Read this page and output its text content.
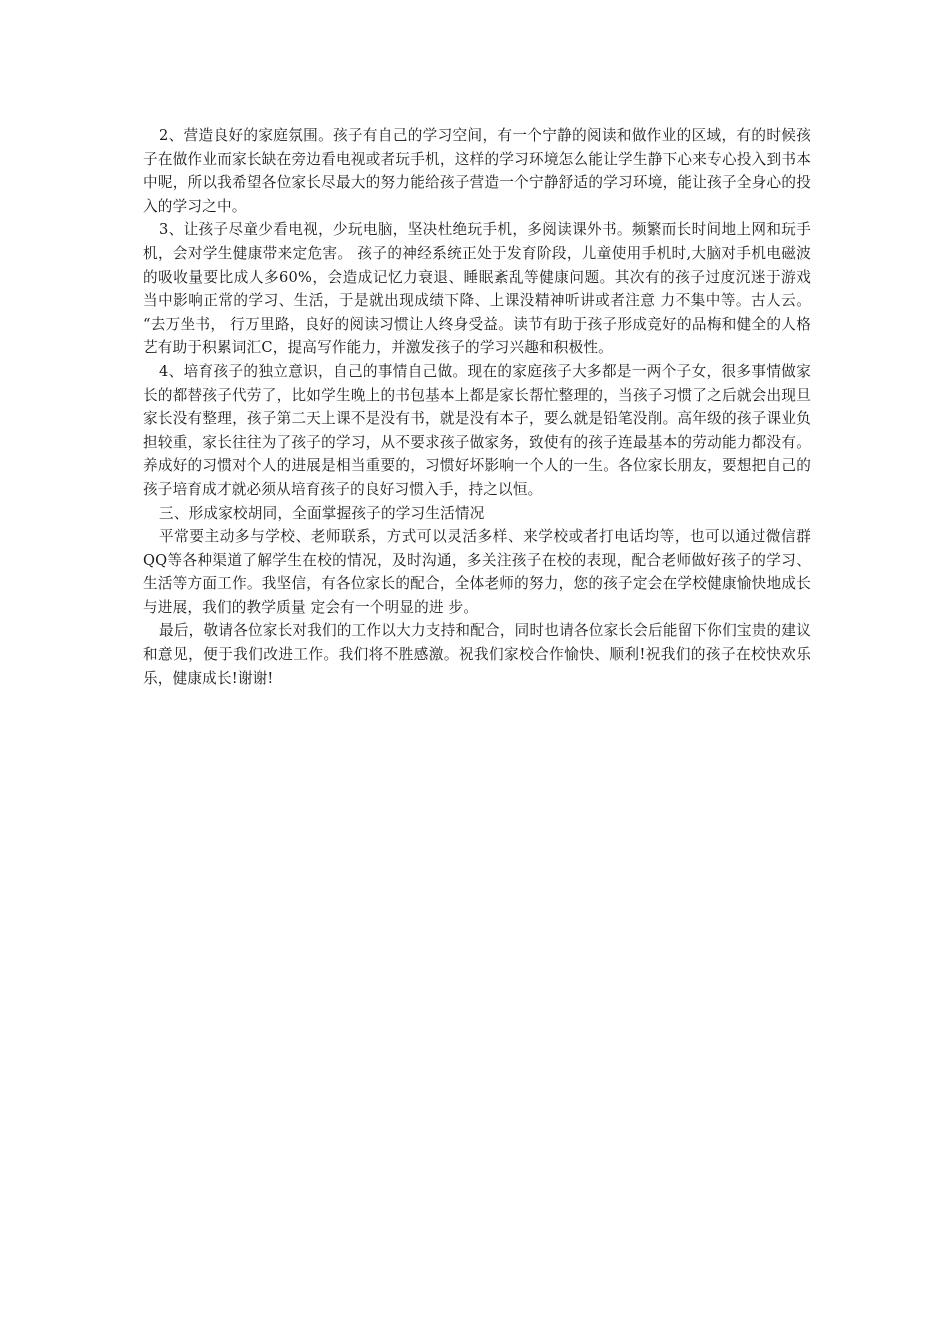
2、营造良好的家庭氛围。孩子有自己的学习空间，有一个宁静的阅读和做作业的区域，有的时候孩子在做作业而家长缺在旁边看电视或者玩手机，这样的学习环境怎么能让学生静下心来专心投入到书本中呢，所以我希望各位家长尽最大的努力能给孩子营造一个宁静舒适的学习环境，能让孩子全身心的投入的学习之中。

3、让孩子尽童少看电视，少玩电脑，坚决杜绝玩手机，多阅读课外书。频繁而长时间地上网和玩手机，会对学生健康带来定危害。 孩子的神经系统正处于发育阶段，儿童使用手机时,大脑对手机电磁波的吸收量要比成人多60%，会造成记忆力衰退、睡眠紊乱等健康问题。其次有的孩子过度沉迷于游戏当中影响正常的学习、生活，于是就出现成绩下降、上课没精神听讲或者注意 力不集中等。古人云。 “去万坐书， 行万里路，良好的阅读习惯让人终身受益。读节有助于孩子形成竞好的品梅和健全的人格艺有助于积累词汇C，提高写作能力，并激发孩子的学习兴趣和积极性。

4、培育孩子的独立意识，自己的事情自己做。现在的家庭孩子大多都是一两个子女，很多事情做家长的都替孩子代劳了，比如学生晚上的书包基本上都是家长帮忙整理的，当孩子习惯了之后就会出现旦家长没有整理，孩子第二天上课不是没有书，就是没有本子，要么就是铅笔没削。高年级的孩子课业负担较重，家长往往为了孩子的学习，从不要求孩子做家务，致使有的孩子连最基本的劳动能力都没有。养成好的习惯对个人的进展是相当重要的，习惯好坏影响一个人的一生。各位家长朋友，要想把自己的孩子培育成才就必须从培育孩子的良好习惯入手，持之以恒。

三、形成家校胡同，全面掌握孩子的学习生活情况

平常要主动多与学校、老师联系，方式可以灵活多样、来学校或者打电话均等，也可以通过微信群QQ等各种渠道了解学生在校的情况，及时沟通，多关注孩子在校的表现，配合老师做好孩子的学习、生活等方面工作。我坚信，有各位家长的配合，全体老师的努力，您的孩子定会在学校健康愉快地成长与进展，我们的教学质量 定会有一个明显的进 步。

最后，敬请各位家长对我们的工作以大力支持和配合，同时也请各位家长会后能留下你们宝贵的建议和意见，便于我们改进工作。我们将不胜感激。祝我们家校合作愉快、顺利!祝我们的孩子在校快欢乐乐，健康成长!谢谢!
